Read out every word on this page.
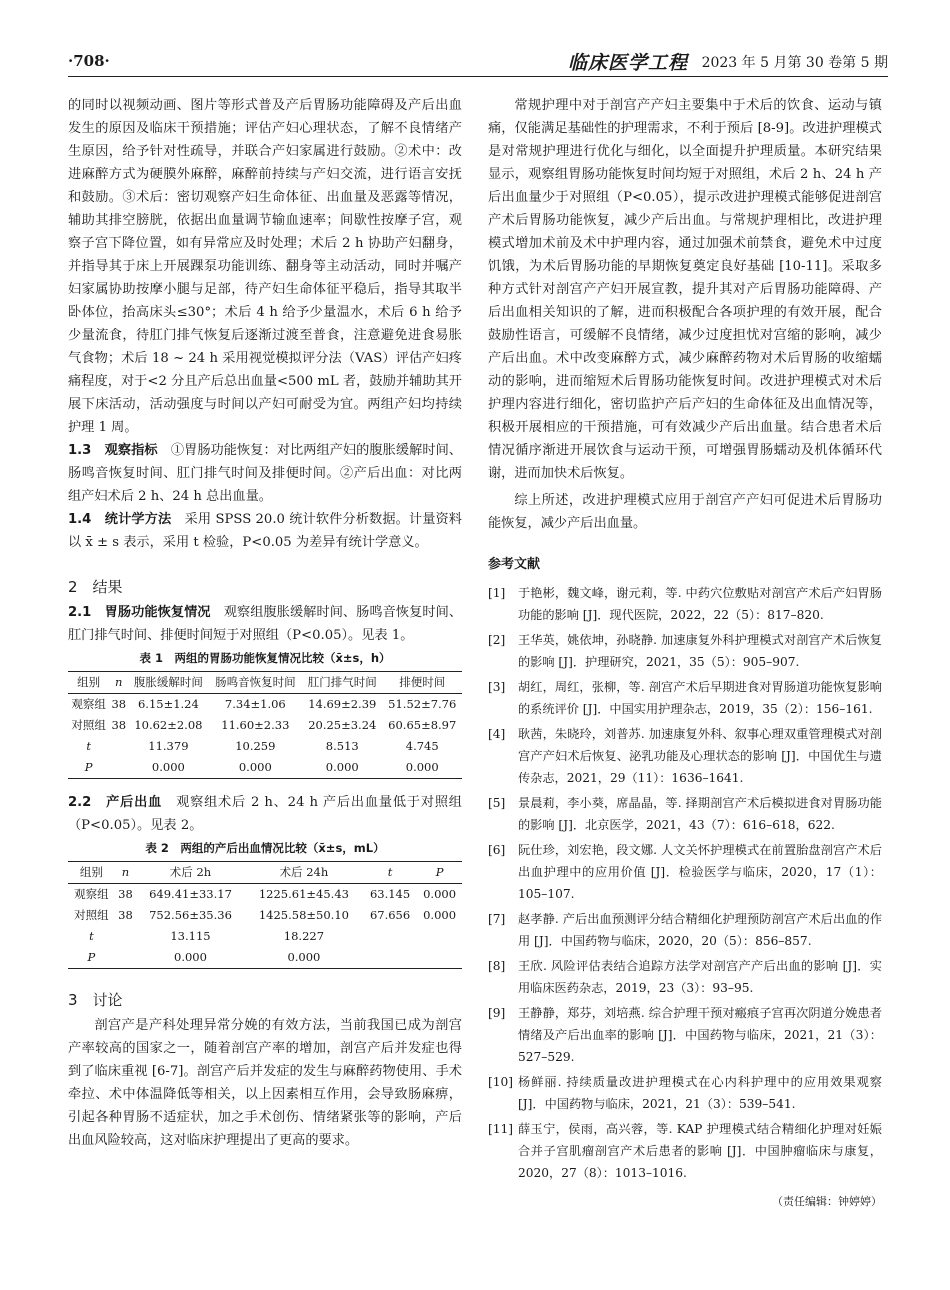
·708·	临床医学工程 2023 年 5 月第 30 卷第 5 期

的同时以视频动画、图片等形式普及产后胃肠功能障碍及产后出血发生的原因及临床干预措施；评估产妇心理状态，了解不良情绪产生原因，给予针对性疏导，并联合产妇家属进行鼓励。②术中：改进麻醉方式为硬膜外麻醉，麻醉前持续与产妇交流，进行语言安抚和鼓励。③术后：密切观察产妇生命体征、出血量及恶露等情况，辅助其排空膀胱，依据出血量调节输血速率；间歇性按摩子宫，观察子宫下降位置，如有异常应及时处理；术后 2 h 协助产妇翻身，并指导其于床上开展踝泵功能训练、翻身等主动活动，同时并嘱产妇家属协助按摩小腿与足部，待产妇生命体征平稳后，指导其取半卧体位，抬高床头≤30°；术后 4 h 给予少量温水，术后 6 h 给予少量流食，待肛门排气恢复后逐渐过渡至普食，注意避免进食易胀气食物；术后 18 ~ 24 h 采用视觉模拟评分法（VAS）评估产妇疼痛程度，对于<2 分且产后总出血量<500 mL 者，鼓励并辅助其开展下床活动，活动强度与时间以产妇可耐受为宜。两组产妇均持续护理 1 周。

1.3　观察指标　 ①胃肠功能恢复：对比两组产妇的腹胀缓解时间、肠鸣音恢复时间、肛门排气时间及排便时间。②产后出血：对比两组产妇术后 2 h、24 h 总出血量。

1.4　统计学方法　 采用 SPSS 20.0 统计软件分析数据。计量资料以 x̄ ± s 表示，采用 t 检验，P<0.05 为差异有统计学意义。

2　结果

2.1　胃肠功能恢复情况　 观察组腹胀缓解时间、肠鸣音恢复时间、肛门排气时间、排便时间短于对照组（P<0.05）。见表 1。

表 1　两组的胃肠功能恢复情况比较（x̄±s，h）
组别	n	腹胀缓解时间	肠鸣音恢复时间	肛门排气时间	排便时间
观察组	38	6.15±1.24	7.34±1.06	14.69±2.39	51.52±7.76
对照组	38	10.62±2.08	11.60±2.33	20.25±3.24	60.65±8.97
t		11.379	10.259	8.513	4.745
P		0.000	0.000	0.000	0.000

2.2　产后出血　 观察组术后 2 h、24 h 产后出血量低于对照组（P<0.05）。见表 2。

表 2　两组的产后出血情况比较（x̄±s，mL）
组别	n	术后 2h	术后 24h	t	P
观察组	38	649.41±33.17	1225.61±45.43	63.145	0.000
对照组	38	752.56±35.36	1425.58±50.10	67.656	0.000
t		13.115	18.227		
P		0.000	0.000		
3　讨论

剖宫产是产科处理异常分娩的有效方法，当前我国已成为剖宫产率较高的国家之一，随着剖宫产率的增加，剖宫产后并发症也得到了临床重视 [6-7]。剖宫产后并发症的发生与麻醉药物使用、手术牵拉、术中体温降低等相关，以上因素相互作用，会导致肠麻痹，引起各种胃肠不适症状，加之手术创伤、情绪紧张等的影响，产后出血风险较高，这对临床护理提出了更高的要求。

常规护理中对于剖宫产产妇主要集中于术后的饮食、运动与镇痛，仅能满足基础性的护理需求，不利于预后 [8-9]。改进护理模式是对常规护理进行优化与细化，以全面提升护理质量。本研究结果显示，观察组胃肠功能恢复时间均短于对照组，术后 2 h、24 h 产后出血量少于对照组（P<0.05），提示改进护理模式能够促进剖宫产术后胃肠功能恢复，减少产后出血。与常规护理相比，改进护理模式增加术前及术中护理内容，通过加强术前禁食，避免术中过度饥饿，为术后胃肠功能的早期恢复奠定良好基础 [10-11]。采取多种方式针对剖宫产产妇开展宣教，提升其对产后胃肠功能障碍、产后出血相关知识的了解，进而积极配合各项护理的有效开展，配合鼓励性语言，可缓解不良情绪，减少过度担忧对宫缩的影响，减少产后出血。术中改变麻醉方式，减少麻醉药物对术后胃肠的收缩蠕动的影响，进而缩短术后胃肠功能恢复时间。改进护理模式对术后护理内容进行细化，密切监护产后产妇的生命体征及出血情况等，积极开展相应的干预措施，可有效减少产后出血量。结合患者术后情况循序渐进开展饮食与运动干预，可增强胃肠蠕动及机体循环代谢，进而加快术后恢复。

综上所述，改进护理模式应用于剖宫产产妇可促进术后胃肠功能恢复，减少产后出血量。

参考文献
[1]	于艳彬，魏文峰，谢元莉，等. 中药穴位敷贴对剖宫产术后产妇胃肠功能的影响 [J]．现代医院，2022，22（5）：817–820.
[2]	王华英，姚依坤，孙晓静. 加速康复外科护理模式对剖宫产术后恢复的影响 [J]．护理研究，2021，35（5）：905–907.
[3]	胡红，周红，张柳，等. 剖宫产术后早期进食对胃肠道功能恢复影响的系统评价 [J]．中国实用护理杂志，2019，35（2）：156–161.
[4]	耿茜，朱晓玲，刘普苏. 加速康复外科、叙事心理双重管理模式对剖宫产产妇术后恢复、泌乳功能及心理状态的影响 [J]．中国优生与遗传杂志，2021，29（11）：1636–1641.
[5]	景晨莉，李小葵，席晶晶，等. 择期剖宫产术后模拟进食对胃肠功能的影响 [J]．北京医学，2021，43（7）：616–618，622.
[6]	阮仕珍，刘宏艳，段文娜. 人文关怀护理模式在前置胎盘剖宫产术后出血护理中的应用价值 [J]．检验医学与临床，2020，17（1）：105–107.
[7]	赵孝静. 产后出血预测评分结合精细化护理预防剖宫产术后出血的作用 [J]．中国药物与临床，2020，20（5）：856–857.
[8]	王欣. 风险评估表结合追踪方法学对剖宫产产后出血的影响 [J]．实用临床医药杂志，2019，23（3）：93–95.
[9]	王静静，郑芬，刘培燕. 综合护理干预对瘢痕子宫再次阴道分娩患者情绪及产后出血率的影响 [J]．中国药物与临床，2021，21（3）：527–529.
[10] 杨鲜丽. 持续质量改进护理模式在心内科护理中的应用效果观察 [J]．中国药物与临床，2021，21（3）：539–541.
[11] 薛玉宁，侯雨，高兴蓉，等. KAP 护理模式结合精细化护理对妊娠合并子宫肌瘤剖宫产术后患者的影响 [J]．中国肿瘤临床与康复，2020，27（8）：1013–1016.
（责任编辑：钟婷婷）
